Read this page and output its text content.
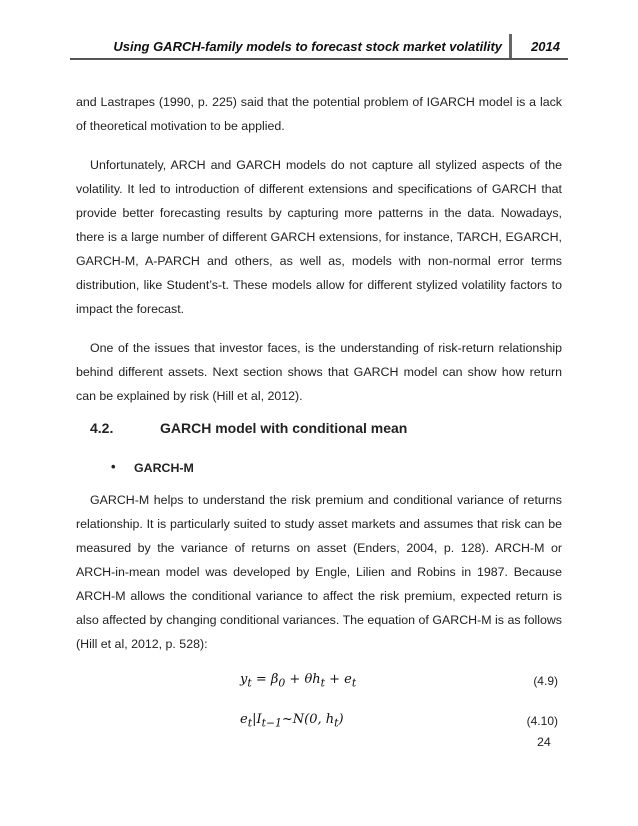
Using GARCH-family models to forecast stock market volatility 2014

and Lastrapes (1990, p. 225) said that the potential problem of IGARCH model is a lack of theoretical motivation to be applied.

Unfortunately, ARCH and GARCH models do not capture all stylized aspects of the volatility. It led to introduction of different extensions and specifications of GARCH that provide better forecasting results by capturing more patterns in the data. Nowadays, there is a large number of different GARCH extensions, for instance, TARCH, EGARCH, GARCH-M, A-PARCH and others, as well as, models with non-normal error terms distribution, like Student’s-t. These models allow for different stylized volatility factors to impact the forecast.

One of the issues that investor faces, is the understanding of risk-return relationship behind different assets. Next section shows that GARCH model can show how return can be explained by risk (Hill et al, 2012).

4.2.	GARCH model with conditional mean
• GARCH-M

GARCH-M helps to understand the risk premium and conditional variance of returns relationship. It is particularly suited to study asset markets and assumes that risk can be measured by the variance of returns on asset (Enders, 2004, p. 128). ARCH-M or ARCH-in-mean model was developed by Engle, Lilien and Robins in 1987. Because ARCH-M allows the conditional variance to affect the risk premium, expected return is also affected by changing conditional variances. The equation of GARCH-M is as follows (Hill et al, 2012, p. 528):

$y_t = \beta_0 + \theta h_t + e_t$	(4.9)
$e_t|I_{t-1}\sim N(0$, $h_t$)	(4.10)
24
